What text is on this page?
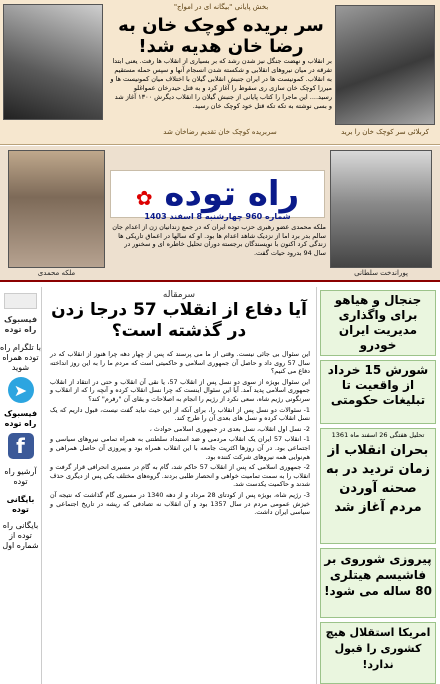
بخش پایانی "بیگانه ای در امواج"
کربلائی سر کوچک خان را برید
سربریده کوچک خان تقدیم رضاخان شد
سر بریده کوچک خان به رضا خان هدیه شد!
بر انقلاب و نهضت جنگل نیز شدن رشد که بر بسیاری از انقلاب ها رفت. یعنی ابتدا تفرقه در میان نیروهای انقلابی و شکسته شدن انسجام آنها و سپس حمله مستقیم به انقلاب. کمونیست ها در ایران جنبش انقلابی گیلان با اختلاف میان کمونیست ها و میرزا کوچک خان سازی ری سقوط را آغاز کرد و به قتل حیدرخان عمواغلو رسید.... این ماجرا را کتاب پایانی از جنبش گیلان را انقلاب دیگرش ۱۳۰۰ آغاز شد و بسی نوشته به تکه تکه قتل خود کوچک خان رسید.
ملکه محمدی	پوراندخت سلطانی
راه توده ✿
شماره 960 چهارشنبه 8 اسفند 1403
ملکه محمدی عضو رهبری حزب توده ایران که در جمع زندانیان زن از اعدام جان سالم بدر برد اما از نزدیک شاهد اعدام ها بود. او که سالها در اعماق تاریکی ها زندگی کرد اکنون با نویسندگان برجسته دوران تحلیل خاطره ای و سخنور در سال 94 بدرود حیات گفت.
فیسبوک راه توده
با تلگرام راه توده همراه شوید
➤
فیسبوک راه توده
f
آرشیو راه توده
بایگانی توده
بایگانی راه توده از شماره اول
سرمقاله
آیا دفاع از انقلاب 57 درجا زدن در گذشته است؟

این سئوال بی جائی نیست. وقتی از ما می پرسند که پس از چهار دهه چرا هنوز از انقلاب که در سال 57 روی داد و حاصل آن جمهوری اسلامی و حاکمیتی است که مردم ما را به این روز انداخته دفاع می کنیم؟

این سئوال بویژه از سوی دو نسل پس از انقلاب 57، یا نقی آن انقلاب و حتی در انتقاد از انقلاب جمهوری اسلامی پدید آمد. آیا این سئوال اینست که چرا نسل انقلاب کرده و آنچه را که از انقلاب و سرنگونی رژیم شاه، سعی نکرد از رژیم را انجام به اصلاحات و بقای آن "رفرم" کند؟

1- سئوالات دو نسل پس از انقلاب را، برای آنکه از این حیث نباید گفت نیست، قبول داریم که یک نسل انقلاب کرده و نسل های بعدی آن را طرح کند.

2- نسل اول انقلاب، نسل بعدی در جمهوری اسلامی حوادث ،

1- انقلاب 57 ایران یک انقلاب مردمی و ضد استبداد سلطنتی به همراه تمامی نیروهای سیاسی و اجتماعی بود. در آن روزها اکثریت جامعه با این انقلاب همراه بود و پیروزی آن حاصل همراهی و هم‌نوایی همه نیروهای شرکت کننده بود.

2- جمهوری اسلامی که پس از انقلاب 57 حاکم شد، گام به گام در مسیری انحرافی قرار گرفت و انقلاب را به سمت تمامیت خواهی و انحصار طلبی بردند. گروه‌های مختلف یکی پس از دیگری حذف شدند و حاکمیت یکدست شد.

3- رژیم شاه، بویژه پس از کودتای 28 مرداد و از دهه 1340 در مسیری گام گذاشت که نتیجه آن خیزش عمومی مردم در سال 1357 بود و آن انقلاب نه تصادفی که ریشه در تاریخ اجتماعی و سیاسی ایران داشت.

جنجال و هیاهو برای واگذاری مدیریت ایران خودرو
شورش 15 خرداد از واقعیت تا تبلیغات حکومتی
تحلیل هفتگی 26 اسفند ماه 1361
بحران انقلاب از زمان تردید در به صحنه آوردن مردم آغاز شد
پیروزی شوروی بر فاشیسم هیتلری 80 ساله می شود!
امریکا استقلال هیچ کشوری را قبول ندارد!
